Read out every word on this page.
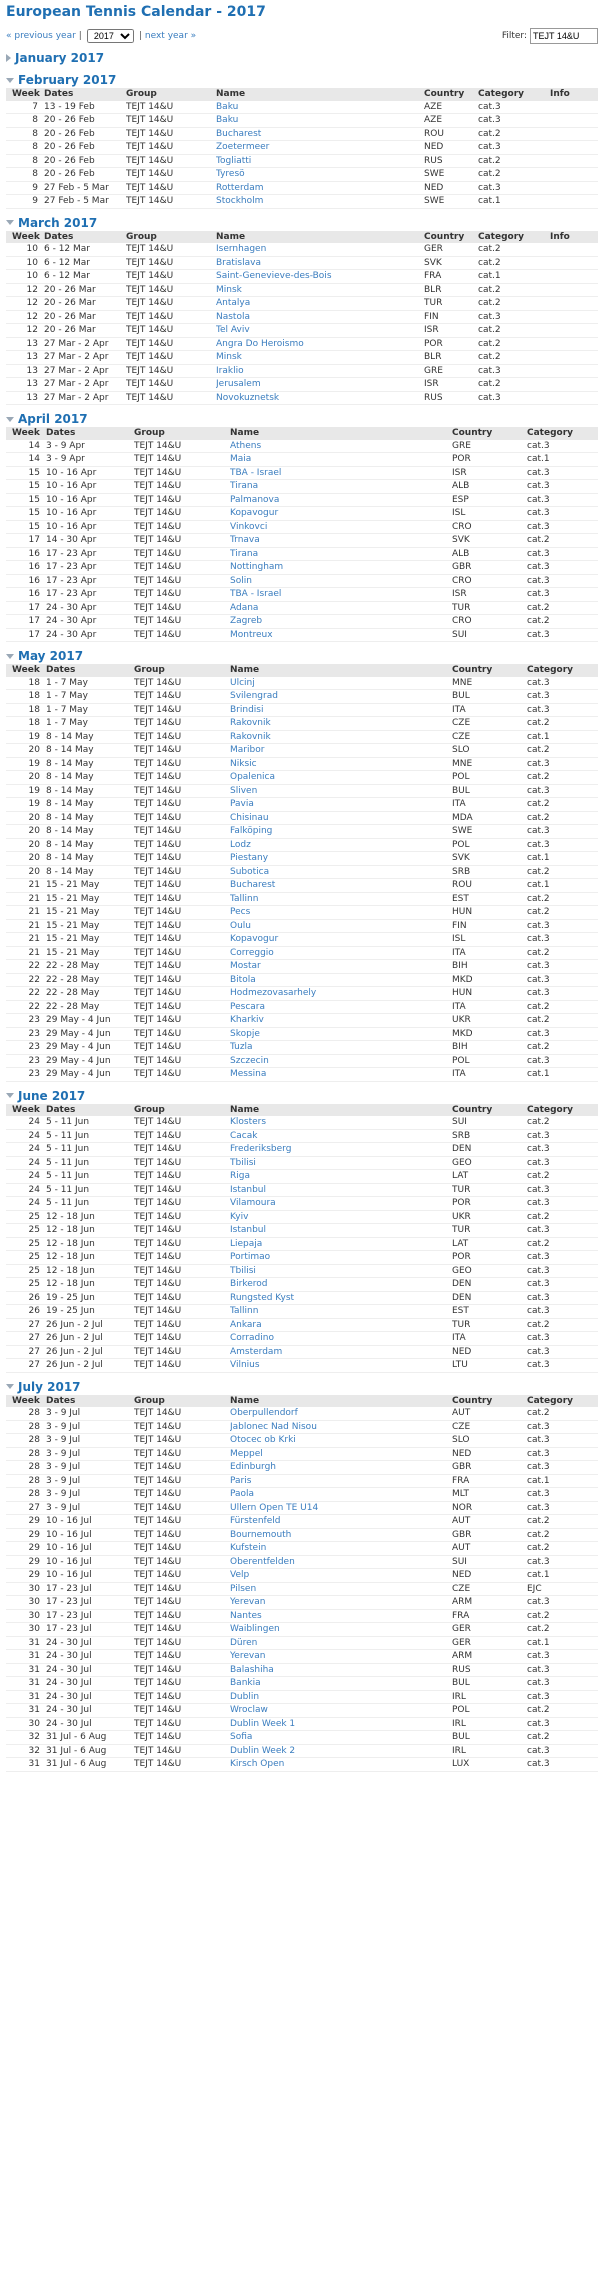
European Tennis Calendar - 2017
« previous year |
2017	| next year »	Filter:
TEJT 14&U
January 2017
February 2017
Week Dates	Group	Name	Country	Category	Info
7 13 - 19 Feb	TEJT 14&U	Baku	AZE	cat.3
8 20 - 26 Feb	TEJT 14&U	Baku	AZE	cat.3
8 20 - 26 Feb	TEJT 14&U	Bucharest	ROU	cat.2
8 20 - 26 Feb	TEJT 14&U	Zoetermeer	NED	cat.3
8 20 - 26 Feb	TEJT 14&U	Togliatti	RUS	cat.2
8 20 - 26 Feb	TEJT 14&U	Tyresö	SWE	cat.2
9 27 Feb - 5 Mar	TEJT 14&U	Rotterdam	NED	cat.3
9 27 Feb - 5 Mar	TEJT 14&U	Stockholm	SWE	cat.1
March 2017
Week Dates	Group	Name	Country	Category	Info
10 6 - 12 Mar	TEJT 14&U	Isernhagen	GER	cat.2
10 6 - 12 Mar	TEJT 14&U	Bratislava	SVK	cat.2
10 6 - 12 Mar	TEJT 14&U	Saint-Genevieve-des-Bois	FRA	cat.1
12 20 - 26 Mar	TEJT 14&U	Minsk	BLR	cat.2
12 20 - 26 Mar	TEJT 14&U	Antalya	TUR	cat.2
12 20 - 26 Mar	TEJT 14&U	Nastola	FIN	cat.3
12 20 - 26 Mar	TEJT 14&U	Tel Aviv	ISR	cat.2
13 27 Mar - 2 Apr	TEJT 14&U	Angra Do Heroismo	POR	cat.2
13 27 Mar - 2 Apr	TEJT 14&U	Minsk	BLR	cat.2
13 27 Mar - 2 Apr	TEJT 14&U	Iraklio	GRE	cat.3
13 27 Mar - 2 Apr	TEJT 14&U	Jerusalem	ISR	cat.2
13 27 Mar - 2 Apr	TEJT 14&U	Novokuznetsk	RUS	cat.3
April 2017
Week Dates	Group	Name	Country	Category
14 3 - 9 Apr	TEJT 14&U	Athens	GRE	cat.3
14 3 - 9 Apr	TEJT 14&U	Maia	POR	cat.1
15 10 - 16 Apr	TEJT 14&U	TBA - Israel	ISR	cat.3
15 10 - 16 Apr	TEJT 14&U	Tirana	ALB	cat.3
15 10 - 16 Apr	TEJT 14&U	Palmanova	ESP	cat.3
15 10 - 16 Apr	TEJT 14&U	Kopavogur	ISL	cat.3
15 10 - 16 Apr	TEJT 14&U	Vinkovci	CRO	cat.3
17 14 - 30 Apr	TEJT 14&U	Trnava	SVK	cat.2
16 17 - 23 Apr	TEJT 14&U	Tirana	ALB	cat.3
16 17 - 23 Apr	TEJT 14&U	Nottingham	GBR	cat.3
16 17 - 23 Apr	TEJT 14&U	Solin	CRO	cat.3
16 17 - 23 Apr	TEJT 14&U	TBA - Israel	ISR	cat.3
17 24 - 30 Apr	TEJT 14&U	Adana	TUR	cat.2
17 24 - 30 Apr	TEJT 14&U	Zagreb	CRO	cat.2
17 24 - 30 Apr	TEJT 14&U	Montreux	SUI	cat.3
May 2017
Week Dates	Group	Name	Country	Category
18 1 - 7 May	TEJT 14&U	Ulcinj	MNE	cat.3
18 1 - 7 May	TEJT 14&U	Svilengrad	BUL	cat.3
18 1 - 7 May	TEJT 14&U	Brindisi	ITA	cat.3
18 1 - 7 May	TEJT 14&U	Rakovnik	CZE	cat.2
19 8 - 14 May	TEJT 14&U	Rakovnik	CZE	cat.1
20 8 - 14 May	TEJT 14&U	Maribor	SLO	cat.2
19 8 - 14 May	TEJT 14&U	Niksic	MNE	cat.3
20 8 - 14 May	TEJT 14&U	Opalenica	POL	cat.2
19 8 - 14 May	TEJT 14&U	Sliven	BUL	cat.3
19 8 - 14 May	TEJT 14&U	Pavia	ITA	cat.2
20 8 - 14 May	TEJT 14&U	Chisinau	MDA	cat.2
20 8 - 14 May	TEJT 14&U	Falköping	SWE	cat.3
20 8 - 14 May	TEJT 14&U	Lodz	POL	cat.3
20 8 - 14 May	TEJT 14&U	Piestany	SVK	cat.1
20 8 - 14 May	TEJT 14&U	Subotica	SRB	cat.2
21 15 - 21 May	TEJT 14&U	Bucharest	ROU	cat.1
21 15 - 21 May	TEJT 14&U	Tallinn	EST	cat.2
21 15 - 21 May	TEJT 14&U	Pecs	HUN	cat.2
21 15 - 21 May	TEJT 14&U	Oulu	FIN	cat.3
21 15 - 21 May	TEJT 14&U	Kopavogur	ISL	cat.3
21 15 - 21 May	TEJT 14&U	Correggio	ITA	cat.2
22 22 - 28 May	TEJT 14&U	Mostar	BIH	cat.3
22 22 - 28 May	TEJT 14&U	Bitola	MKD	cat.3
22 22 - 28 May	TEJT 14&U	Hodmezovasarhely	HUN	cat.3
22 22 - 28 May	TEJT 14&U	Pescara	ITA	cat.2
23 29 May - 4 Jun	TEJT 14&U	Kharkiv	UKR	cat.2
23 29 May - 4 Jun	TEJT 14&U	Skopje	MKD	cat.3
23 29 May - 4 Jun	TEJT 14&U	Tuzla	BIH	cat.2
23 29 May - 4 Jun	TEJT 14&U	Szczecin	POL	cat.3
23 29 May - 4 Jun	TEJT 14&U	Messina	ITA	cat.1
June 2017
Week Dates	Group	Name	Country	Category
24 5 - 11 Jun	TEJT 14&U	Klosters	SUI	cat.2
24 5 - 11 Jun	TEJT 14&U	Cacak	SRB	cat.3
24 5 - 11 Jun	TEJT 14&U	Frederiksberg	DEN	cat.3
24 5 - 11 Jun	TEJT 14&U	Tbilisi	GEO	cat.3
24 5 - 11 Jun	TEJT 14&U	Riga	LAT	cat.2
24 5 - 11 Jun	TEJT 14&U	Istanbul	TUR	cat.3
24 5 - 11 Jun	TEJT 14&U	Vilamoura	POR	cat.3
25 12 - 18 Jun	TEJT 14&U	Kyiv	UKR	cat.2
25 12 - 18 Jun	TEJT 14&U	Istanbul	TUR	cat.3
25 12 - 18 Jun	TEJT 14&U	Liepaja	LAT	cat.2
25 12 - 18 Jun	TEJT 14&U	Portimao	POR	cat.3
25 12 - 18 Jun	TEJT 14&U	Tbilisi	GEO	cat.3
25 12 - 18 Jun	TEJT 14&U	Birkerod	DEN	cat.3
26 19 - 25 Jun	TEJT 14&U	Rungsted Kyst	DEN	cat.3
26 19 - 25 Jun	TEJT 14&U	Tallinn	EST	cat.3
27 26 Jun - 2 Jul	TEJT 14&U	Ankara	TUR	cat.2
27 26 Jun - 2 Jul	TEJT 14&U	Corradino	ITA	cat.3
27 26 Jun - 2 Jul	TEJT 14&U	Amsterdam	NED	cat.3
27 26 Jun - 2 Jul	TEJT 14&U	Vilnius	LTU	cat.3
July 2017
Week Dates	Group	Name	Country	Category
28 3 - 9 Jul	TEJT 14&U	Oberpullendorf	AUT	cat.2
28 3 - 9 Jul	TEJT 14&U	Jablonec Nad Nisou	CZE	cat.3
28 3 - 9 Jul	TEJT 14&U	Otocec ob Krki	SLO	cat.3
28 3 - 9 Jul	TEJT 14&U	Meppel	NED	cat.3
28 3 - 9 Jul	TEJT 14&U	Edinburgh	GBR	cat.3
28 3 - 9 Jul	TEJT 14&U	Paris	FRA	cat.1
28 3 - 9 Jul	TEJT 14&U	Paola	MLT	cat.3
27 3 - 9 Jul	TEJT 14&U	Ullern Open TE U14	NOR	cat.3
29 10 - 16 Jul	TEJT 14&U	Fürstenfeld	AUT	cat.2
29 10 - 16 Jul	TEJT 14&U	Bournemouth	GBR	cat.2
29 10 - 16 Jul	TEJT 14&U	Kufstein	AUT	cat.2
29 10 - 16 Jul	TEJT 14&U	Oberentfelden	SUI	cat.3
29 10 - 16 Jul	TEJT 14&U	Velp	NED	cat.1
30 17 - 23 Jul	TEJT 14&U	Pilsen	CZE	EJC
30 17 - 23 Jul	TEJT 14&U	Yerevan	ARM	cat.3
30 17 - 23 Jul	TEJT 14&U	Nantes	FRA	cat.2
30 17 - 23 Jul	TEJT 14&U	Waiblingen	GER	cat.2
31 24 - 30 Jul	TEJT 14&U	Düren	GER	cat.1
31 24 - 30 Jul	TEJT 14&U	Yerevan	ARM	cat.3
31 24 - 30 Jul	TEJT 14&U	Balashiha	RUS	cat.3
31 24 - 30 Jul	TEJT 14&U	Bankia	BUL	cat.3
31 24 - 30 Jul	TEJT 14&U	Dublin	IRL	cat.3
31 24 - 30 Jul	TEJT 14&U	Wroclaw	POL	cat.2
30 24 - 30 Jul	TEJT 14&U	Dublin Week 1	IRL	cat.3
32 31 Jul - 6 Aug	TEJT 14&U	Sofia	BUL	cat.2
32 31 Jul - 6 Aug	TEJT 14&U	Dublin Week 2	IRL	cat.3
31 31 Jul - 6 Aug	TEJT 14&U	Kirsch Open	LUX	cat.3
